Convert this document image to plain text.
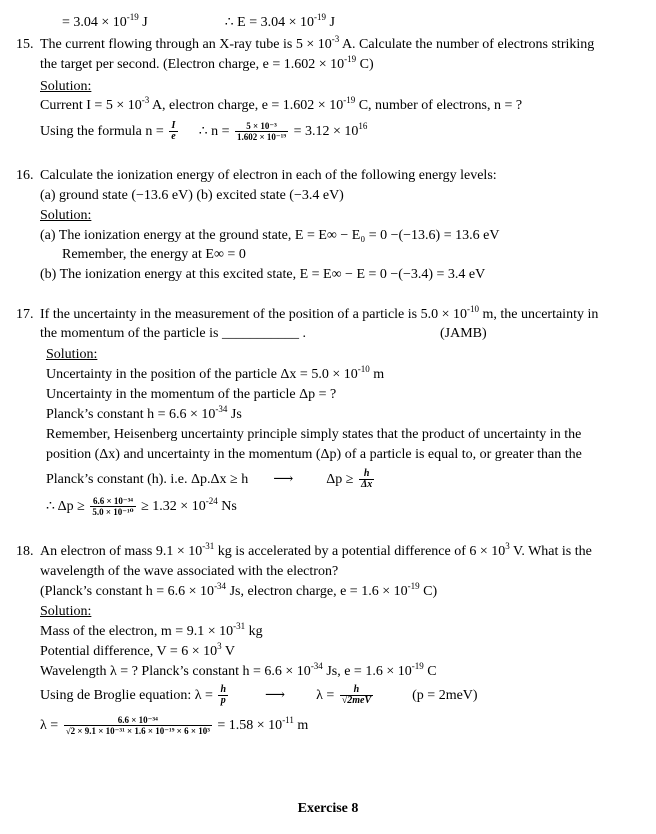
= $3.04 \times 10^{-19}$ J	∴ $E = 3.04 \times 10^{-19}$ J
15. The current flowing through an X-ray tube is $5 \times 10^{-3}$ A. Calculate the number of electrons striking
the target per second. (Electron charge, $e = 1.602 \times 10^{-19}$ C)
Solution:
Current $I = 5 \times 10^{-3}$ A, electron charge, $e = 1.602 \times 10^{-19}$ C, number of electrons, n = ?
Using the formula $n = \frac{I}{e}$ ∴ $n = \frac{\text{5 × 10⁻³}}{\text{1.602 × 10⁻¹⁹}} = 3.12 \times 10^{16}$
16. Calculate the ionization energy of electron in each of the following energy levels:
(a) ground state (−13.6 eV) (b) excited state (−3.4 eV)
Solution:
(a) The ionization energy at the ground state, E = E∞ − E₀ = 0 −(−13.6) = 13.6 eV
Remember, the energy at E∞ = 0
(b) The ionization energy at this excited state, E = E∞ − E = 0 −(−3.4) = 3.4 eV
17. If the uncertainty in the measurement of the position of a particle is $5.0 \times 10^{-10}$ m, the uncertainty in
the momentum of the particle is ___________ .	(JAMB)
Solution:
Uncertainty in the position of the particle $\Delta x = 5.0 \times 10^{-10}$ m
Uncertainty in the momentum of the particle Δp = ?
Planck’s constant $h = 6.6 \times 10^{-34}$ Js
Remember, Heisenberg uncertainty principle simply states that the product of uncertainty in the
position (Δx) and uncertainty in the momentum (Δp) of a particle is equal to, or greater than the
Planck’s constant (h). i.e. Δp.Δx ≥ h ⟶ $\Delta p \ge \frac{h}{\Delta x}$
∴ $\Delta p \ge \frac{\text{6.6 × 10⁻³⁴}}{\text{5.0 × 10⁻¹⁰}} \ge 1.32 \times 10^{-24}$ Ns
18. An electron of mass $9.1 \times 10^{-31}$ kg is accelerated by a potential difference of $6 \times 10^3$ V. What is the
wavelength of the wave associated with the electron?
(Planck’s constant $h = 6.6 \times 10^{-34}$ Js, electron charge, $e = 1.6 \times 10^{-19}$ C)
Solution:
Mass of the electron, $m = 9.1 \times 10^{-31}$ kg
Potential difference, $V = 6 \times 10^3$ V
Wavelength λ = ? Planck’s constant $h = 6.6 \times 10^{-34}$ Js, $e = 1.6 \times 10^{-19}$ C
Using de Broglie equation: $\lambda = \frac{h}{p}$	⟶ $\lambda = \frac{h}{\text{√2meV}}$	(p = 2meV)
$\lambda = \frac{\text{6.6 × 10⁻³⁴}}{\text{√2 × 9.1 × 10⁻³¹ × 1.6 × 10⁻¹⁹ × 6 × 10³}} = 1.58 \times 10^{-11}$ m
Exercise 8
